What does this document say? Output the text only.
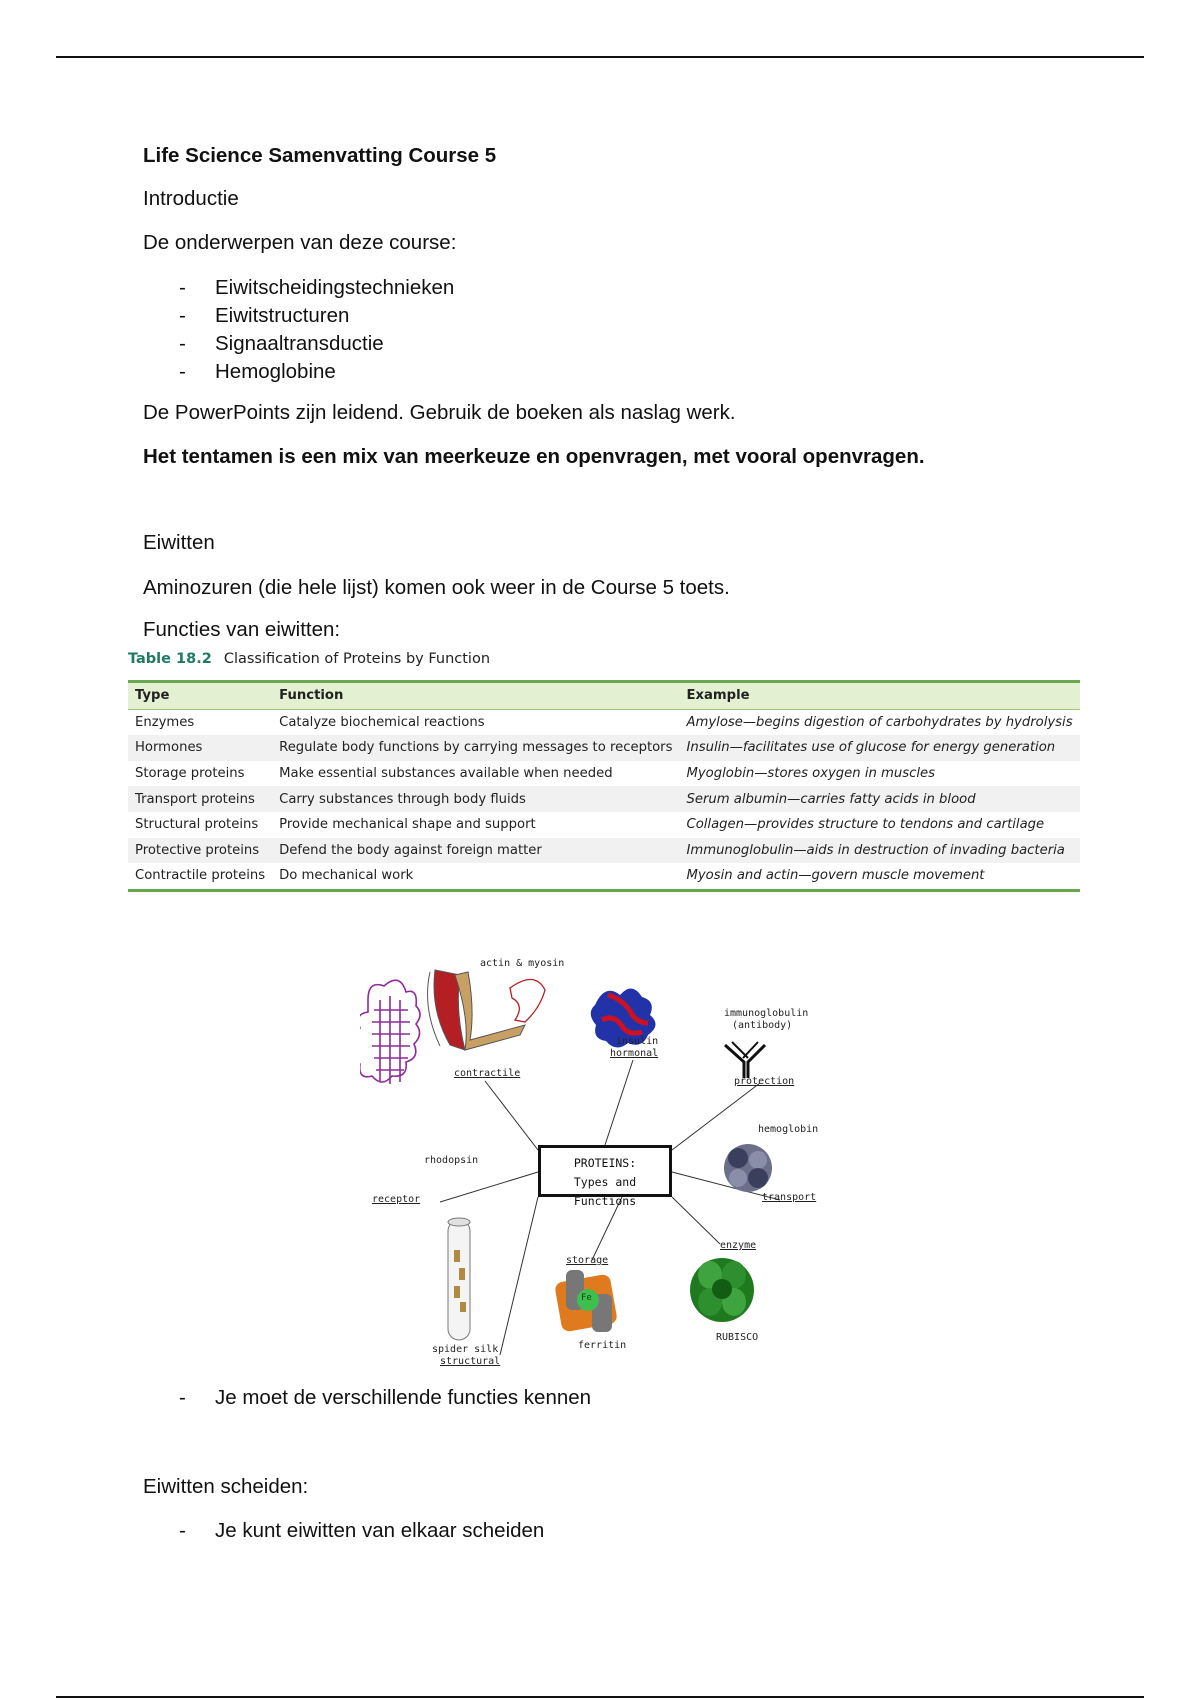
Life Science Samenvatting Course 5
Introductie
De onderwerpen van deze course:
- Eiwitscheidingstechnieken
- Eiwitstructuren
- Signaaltransductie
- Hemoglobine
De PowerPoints zijn leidend. Gebruik de boeken als naslag werk.
Het tentamen is een mix van meerkeuze en openvragen, met vooral openvragen.
Eiwitten
Aminozuren (die hele lijst) komen ook weer in de Course 5 toets.
Functies van eiwitten:
Table 18.2 Classification of Proteins by Function
Type	Function	Example
Enzymes	Catalyze biochemical reactions	Amylose—begins digestion of carbohydrates by hydrolysis
Hormones	Regulate body functions by carrying messages to receptors	Insulin—facilitates use of glucose for energy generation
Storage proteins	Make essential substances available when needed	Myoglobin—stores oxygen in muscles
Transport proteins	Carry substances through body fluids	Serum albumin—carries fatty acids in blood
Structural proteins	Provide mechanical shape and support	Collagen—provides structure to tendons and cartilage
Protective proteins	Defend the body against foreign matter	Immunoglobulin—aids in destruction of invading bacteria
Contractile proteins	Do mechanical work	Myosin and actin—govern muscle movement
PROTEINS:
Types and Functions
actin & myosin
contractile
insulin
hormonal
immunoglobulin
(antibody)
protection
rhodopsin
receptor
hemoglobin
transport
enzyme
RUBISCO
storage
Fe
ferritin
spider silk
structural
- Je moet de verschillende functies kennen
Eiwitten scheiden:
- Je kunt eiwitten van elkaar scheiden
